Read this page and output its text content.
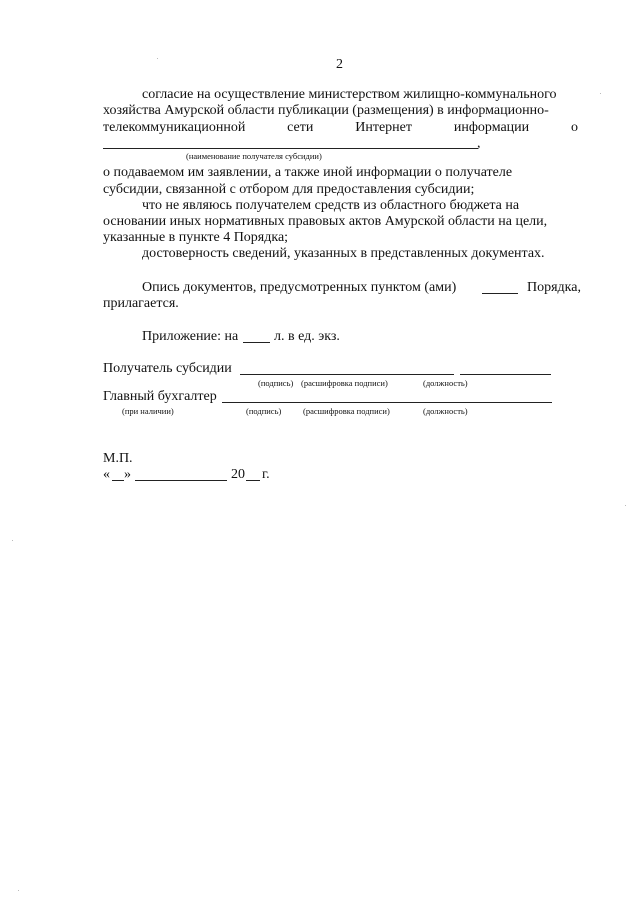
2
согласие на осуществление министерством жилищно-коммунального
хозяйства Амурской области публикации (размещения) в информационно-
телекоммуникационной	сети	Интернет	информации	о
,
(наименование получателя субсидии)
о подаваемом им заявлении, а также иной информации о получателе
субсидии, связанной с отбором для предоставления субсидии;
что не являюсь получателем средств из областного бюджета на
основании иных нормативных правовых актов Амурской области на цели,
указанные в пункте 4 Порядка;
достоверность сведений, указанных в представленных документах.
Опись документов, предусмотренных пунктом (ами)	Порядка,
прилагается.
Приложение: на	л. в ед. экз.
Получатель субсидии
(подпись) (расшифровка подписи)	(должность)
Главный бухгалтер
(при наличии)	(подпись)	(расшифровка подписи)	(должность)
М.П.
« »	20 г.
